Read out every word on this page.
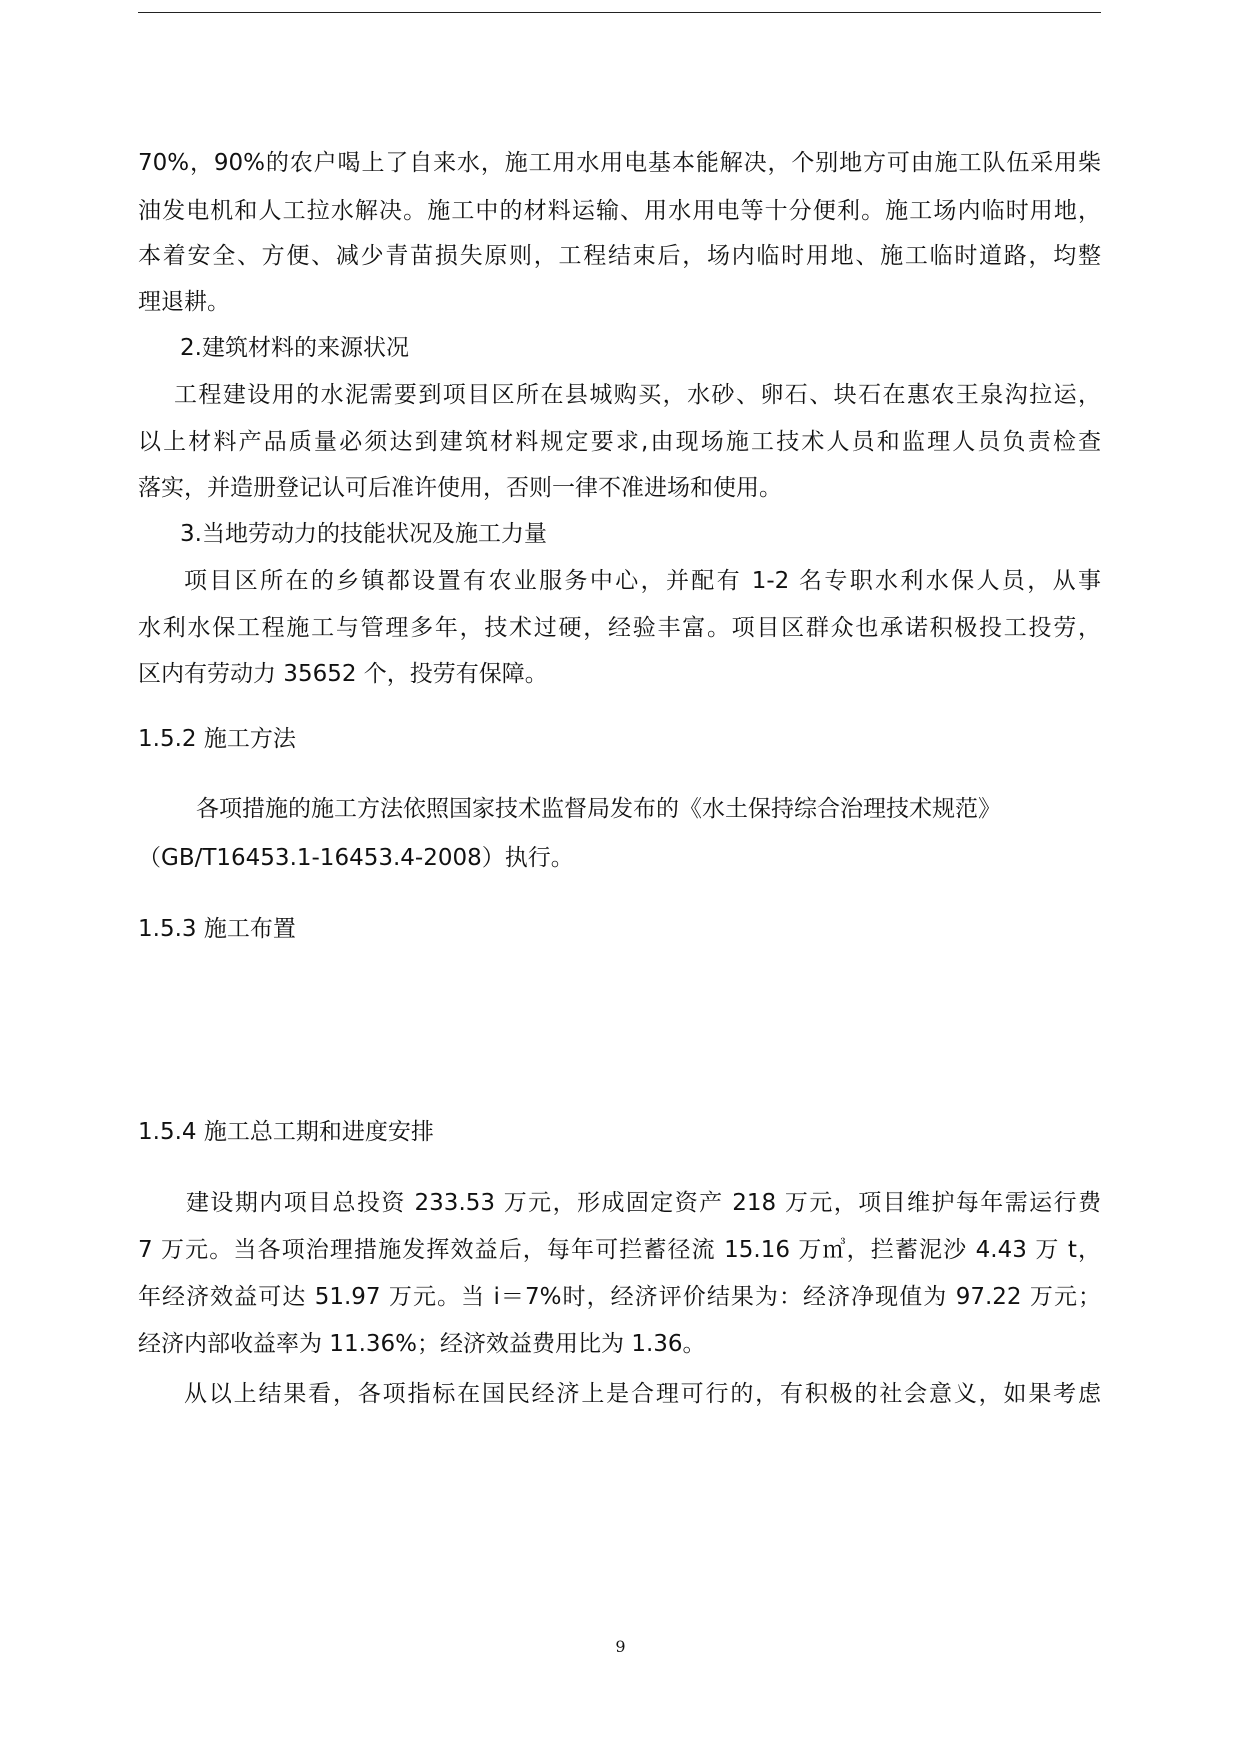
70%，90%的农户喝上了自来水，施工用水用电基本能解决，个别地方可由施工队伍采用柴
油发电机和人工拉水解决。施工中的材料运输、用水用电等十分便利。施工场内临时用地，
本着安全、方便、减少青苗损失原则，工程结束后，场内临时用地、施工临时道路，均整
理退耕。
2.建筑材料的来源状况
工程建设用的水泥需要到项目区所在县城购买，水砂、卵石、块石在惠农王泉沟拉运，
以上材料产品质量必须达到建筑材料规定要求,由现场施工技术人员和监理人员负责检查
落实，并造册登记认可后准许使用，否则一律不准进场和使用。
3.当地劳动力的技能状况及施工力量
项目区所在的乡镇都设置有农业服务中心，并配有 1-2 名专职水利水保人员，从事
水利水保工程施工与管理多年，技术过硬，经验丰富。项目区群众也承诺积极投工投劳，
区内有劳动力 35652 个，投劳有保障。
1.5.2 施工方法
各项措施的施工方法依照国家技术监督局发布的《水土保持综合治理技术规范》
（GB/T16453.1-16453.4-2008）执行。
1.5.3 施工布置
1.5.4 施工总工期和进度安排
建设期内项目总投资 233.53 万元，形成固定资产 218 万元，项目维护每年需运行费
7 万元。当各项治理措施发挥效益后，每年可拦蓄径流 15.16 万㎥，拦蓄泥沙 4.43 万 t，
年经济效益可达 51.97 万元。当 i＝7%时，经济评价结果为：经济净现值为 97.22 万元；
经济内部收益率为 11.36%；经济效益费用比为 1.36。
从以上结果看，各项指标在国民经济上是合理可行的，有积极的社会意义，如果考虑
9
